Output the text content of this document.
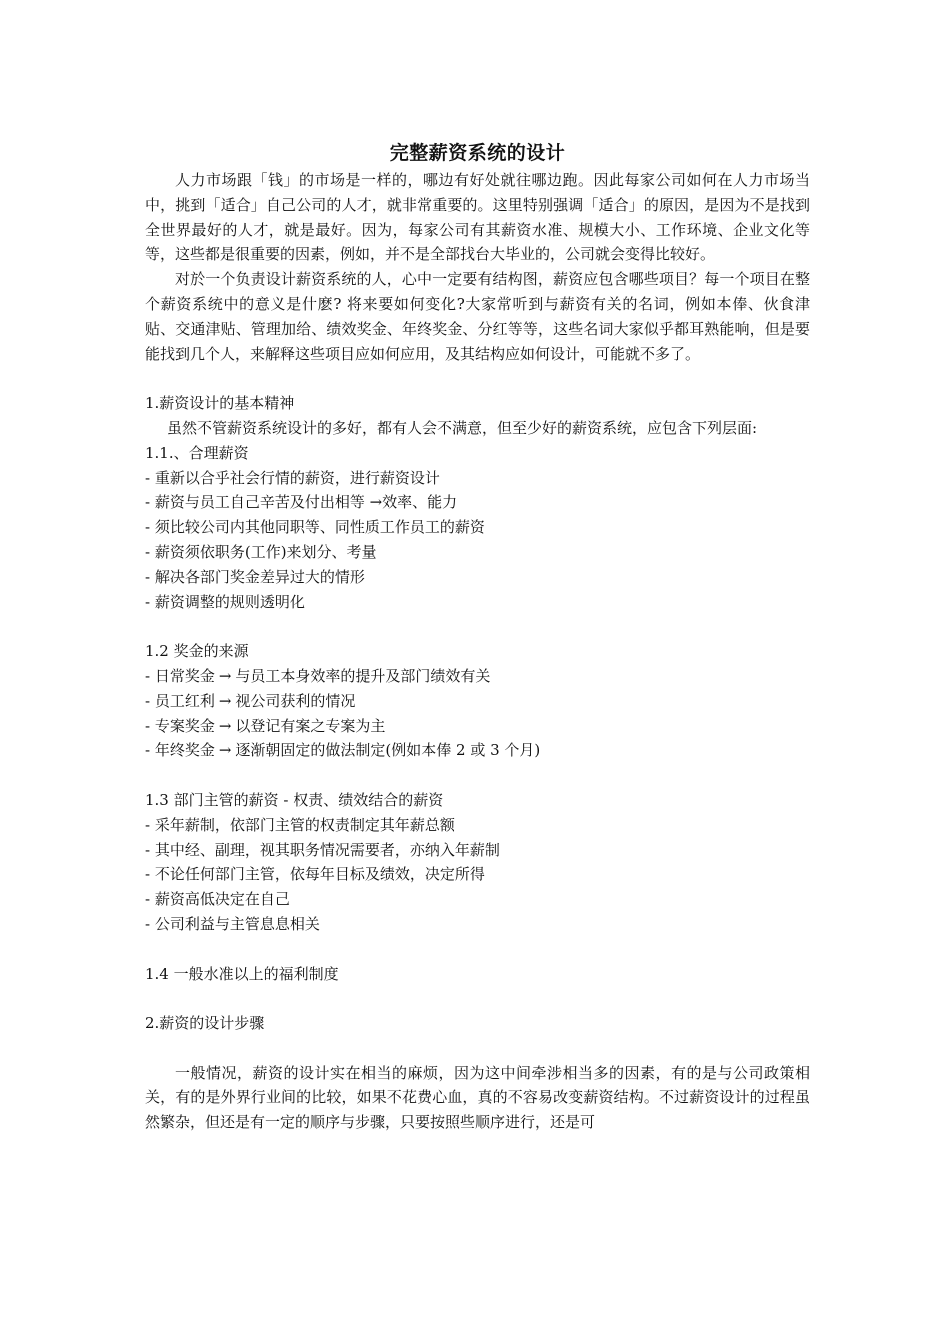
完整薪资系统的设计

人力市场跟「钱」的市场是一样的，哪边有好处就往哪边跑。因此每家公司如何在人力市场当中，挑到「适合」自己公司的人才，就非常重要的。这里特别强调「适合」的原因，是因为不是找到全世界最好的人才，就是最好。因为，每家公司有其薪资水准、规模大小、工作环境、企业文化等等，这些都是很重要的因素，例如，并不是全部找台大毕业的，公司就会变得比较好。

对於一个负责设计薪资系统的人，心中一定要有结构图，薪资应包含哪些项目？每一个项目在整个薪资系统中的意义是什麽? 将来要如何变化?大家常听到与薪资有关的名词，例如本俸、伙食津贴、交通津贴、管理加给、绩效奖金、年终奖金、分红等等，这些名词大家似乎都耳熟能响，但是要能找到几个人，来解释这些项目应如何应用，及其结构应如何设计，可能就不多了。

1.薪资设计的基本精神

虽然不管薪资系统设计的多好，都有人会不满意，但至少好的薪资系统，应包含下列层面:

1.1.、合理薪资
- 重新以合乎社会行情的薪资，进行薪资设计
- 薪资与员工自己辛苦及付出相等 →效率、能力
- 须比较公司内其他同职等、同性质工作员工的薪资
- 薪资须依职务(工作)来划分、考量
- 解决各部门奖金差异过大的情形
- 薪资调整的规则透明化
1.2 奖金的来源
- 日常奖金 → 与员工本身效率的提升及部门绩效有关
- 员工红利 → 视公司获利的情况
- 专案奖金 → 以登记有案之专案为主
- 年终奖金 → 逐渐朝固定的做法制定(例如本俸 2 或 3 个月)
1.3 部门主管的薪资 - 权责、绩效结合的薪资
- 采年薪制，依部门主管的权责制定其年薪总额
- 其中经、副理，视其职务情况需要者，亦纳入年薪制
- 不论任何部门主管，依每年目标及绩效，决定所得
- 薪资高低决定在自己
- 公司利益与主管息息相关
1.4 一般水准以上的福利制度
2.薪资的设计步骤

一般情况，薪资的设计实在相当的麻烦，因为这中间牵涉相当多的因素，有的是与公司政策相关，有的是外界行业间的比较，如果不花费心血，真的不容易改变薪资结构。不过薪资设计的过程虽然繁杂，但还是有一定的顺序与步骤，只要按照些顺序进行，还是可
